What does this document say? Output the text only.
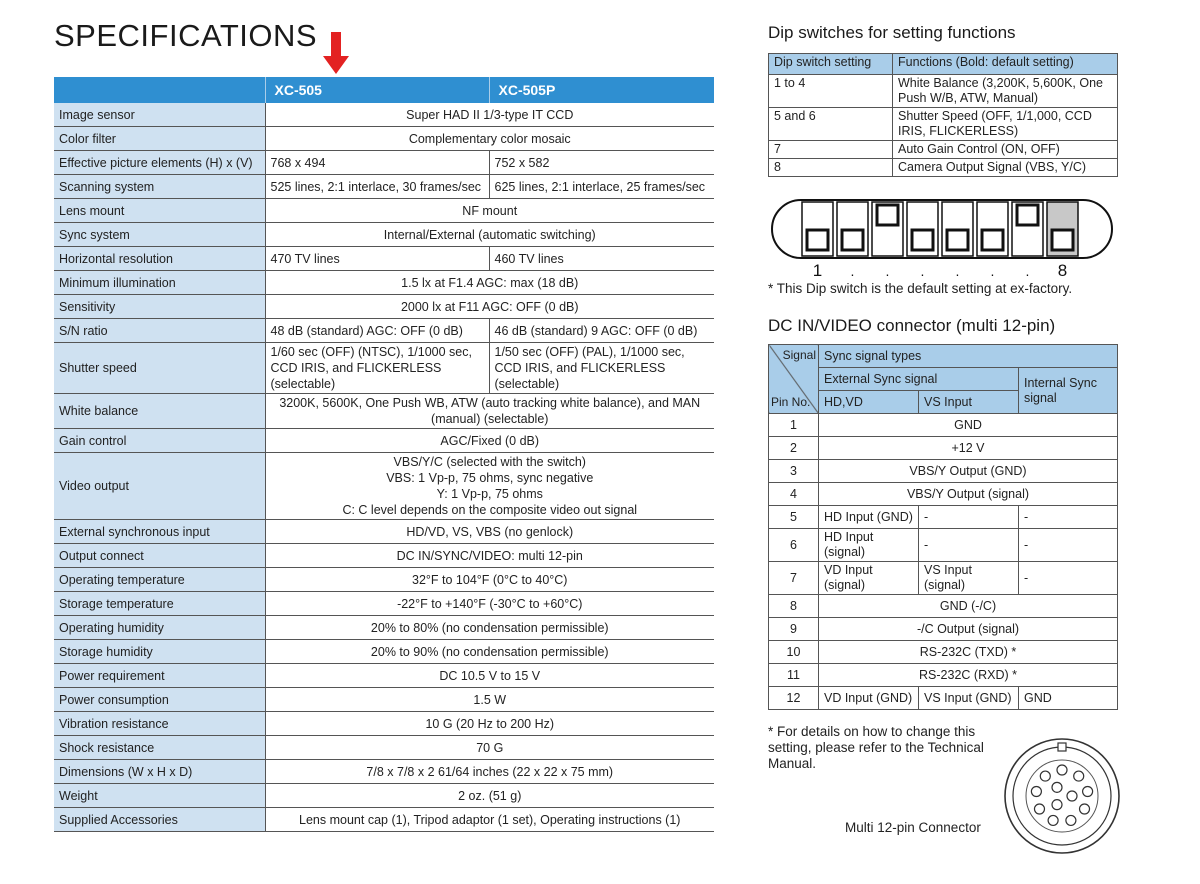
SPECIFICATIONS
	XC-505	XC-505P
Image sensor	Super HAD II 1/3-type IT CCD	
Color filter	Complementary color mosaic	
Effective picture elements (H) x (V)	768 x 494	752 x 582
Scanning system	525 lines, 2:1 interlace, 30 frames/sec	625 lines, 2:1 interlace, 25 frames/sec
Lens mount	NF mount	
Sync system	Internal/External (automatic switching)	
Horizontal resolution	470 TV lines	460 TV lines
Minimum illumination	1.5 lx at F1.4 AGC: max (18 dB)	
Sensitivity	2000 lx at F11 AGC: OFF (0 dB)	
S/N ratio	48 dB (standard) AGC: OFF (0 dB)	46 dB (standard) 9 AGC: OFF (0 dB)
Shutter speed	1/60 sec (OFF) (NTSC), 1/1000 sec, CCD IRIS, and FLICKERLESS (selectable)	1/50 sec (OFF) (PAL), 1/1000 sec, CCD IRIS, and FLICKERLESS (selectable)
White balance	3200K, 5600K, One Push WB, ATW (auto tracking white balance), and MAN (manual) (selectable)	
Gain control	AGC/Fixed (0 dB)	
Video output	VBS/Y/C (selected with the switch)
VBS: 1 Vp-p, 75 ohms, sync negative
Y: 1 Vp-p, 75 ohms
C: C level depends on the composite video out signal	

External synchronous input	HD/VD, VS, VBS (no genlock)	
Output connect	DC IN/SYNC/VIDEO: multi 12-pin	
Operating temperature	32°F to 104°F (0°C to 40°C)	
Storage temperature	-22°F to +140°F (-30°C to +60°C)	
Operating humidity	20% to 80% (no condensation permissible)	
Storage humidity	20% to 90% (no condensation permissible)	
Power requirement	DC 10.5 V to 15 V	
Power consumption	1.5 W	
Vibration resistance	10 G (20 Hz to 200 Hz)	
Shock resistance	70 G	
Dimensions (W x H x D)	7/8 x 7/8 x 2 61/64 inches (22 x 22 x 75 mm)	
Weight	2 oz. (51 g)	
Supplied Accessories	Lens mount cap (1), Tripod adaptor (1 set), Operating instructions (1)	
Dip switches for setting functions
Dip switch setting	Functions (Bold: default setting)
1 to 4	White Balance (3,200K, 5,600K, One Push W/B, ATW, Manual)
5 and 6	Shutter Speed (OFF, 1/1,000, CCD IRIS, FLICKERLESS)
7	Auto Gain Control (ON, OFF)
8	Camera Output Signal (VBS, Y/C)
1 . . . . . . 8
* This Dip switch is the default setting at ex-factory.
DC IN/VIDEO connector (multi 12-pin)
Signal
Pin No.	Sync signal types		
	External Sync signal		Internal Sync signal
	HD,VD	VS Input	
1	GND		
2	+12 V		
3	VBS/Y Output (GND)		
4	VBS/Y Output (signal)		
5	HD Input (GND)	-	-
6	HD Input (signal)	-	-
7	VD Input (signal)	VS Input (signal)	-
8	GND (-/C)		
9	-/C Output (signal)		
10	RS-232C (TXD) *		
11	RS-232C (RXD) *		
12	VD Input (GND)	VS Input (GND)	GND
* For details on how to change this setting, please refer to the Technical Manual.
Multi 12-pin Connector
